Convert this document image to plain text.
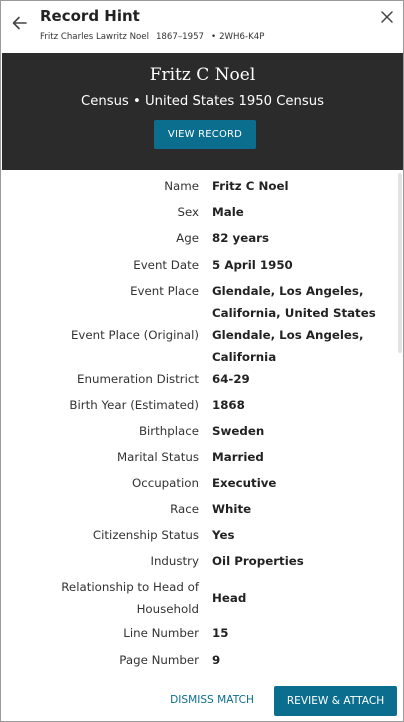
Record Hint
Fritz Charles Lawritz Noel 1867–1957 • 2WH6-K4P
Fritz C Noel
Census • United States 1950 Census
VIEW RECORD
Name Fritz C Noel
Sex Male
Age 82 years
Event Date 5 April 1950
Event Place Glendale, Los Angeles, California, United States
Event Place (Original) Glendale, Los Angeles, California
Enumeration District 64-29
Birth Year (Estimated) 1868
Birthplace Sweden
Marital Status Married
Occupation Executive
Race White
Citizenship Status Yes
Industry Oil Properties
Relationship to Head of Household
Head
Line Number 15
Page Number 9
DISMISS MATCH	REVIEW & ATTACH
